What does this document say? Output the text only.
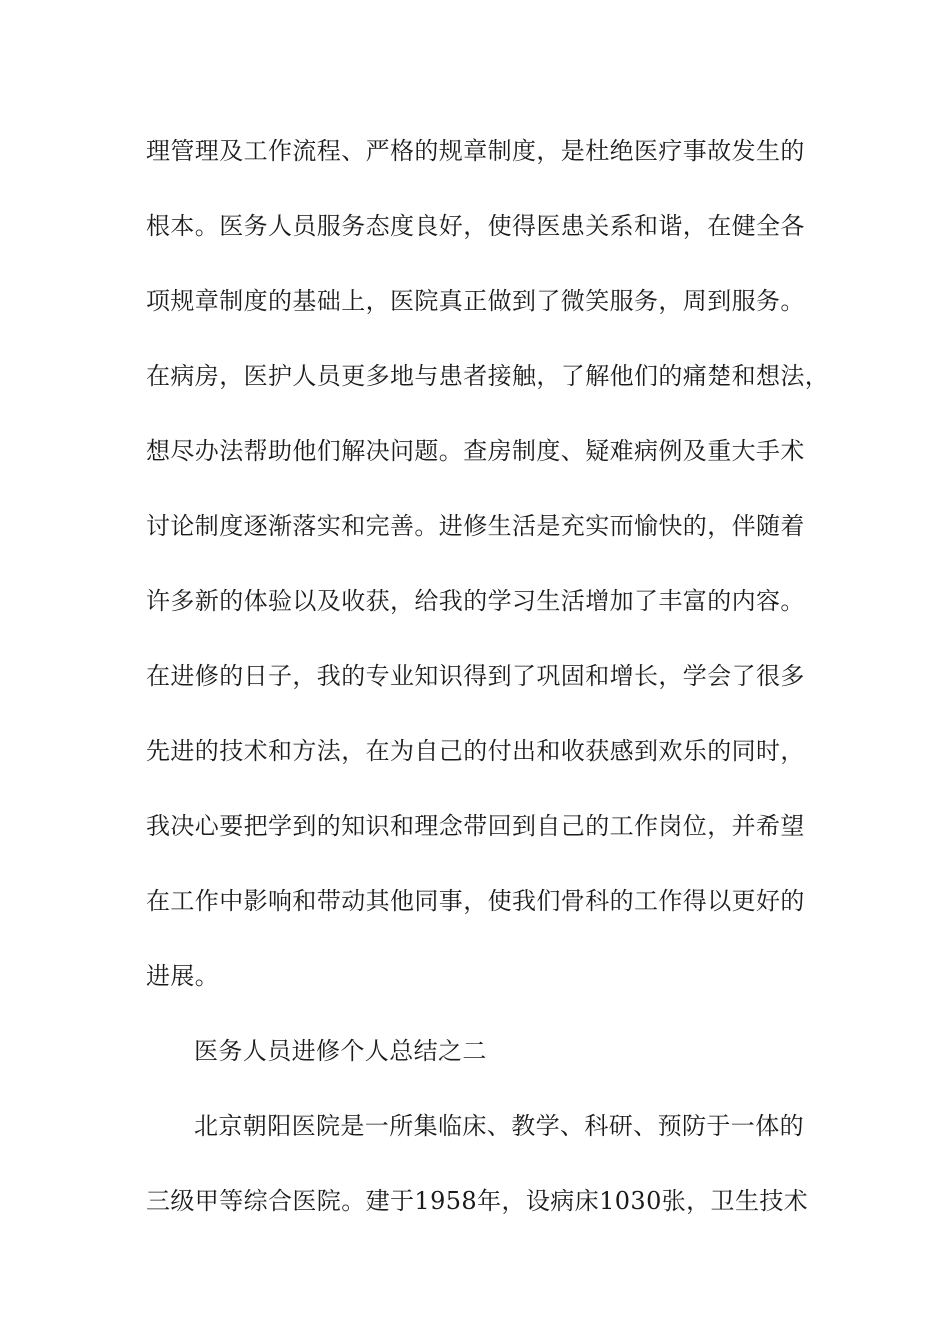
理管理及工作流程、严格的规章制度，是杜绝医疗事故发生的
根本。医务人员服务态度良好，使得医患关系和谐，在健全各
项规章制度的基础上，医院真正做到了微笑服务，周到服务。
在病房，医护人员更多地与患者接触，了解他们的痛楚和想法，
想尽办法帮助他们解决问题。查房制度、疑难病例及重大手术
讨论制度逐渐落实和完善。进修生活是充实而愉快的，伴随着
许多新的体验以及收获，给我的学习生活增加了丰富的内容。
在进修的日子，我的专业知识得到了巩固和增长，学会了很多
先进的技术和方法，在为自己的付出和收获感到欢乐的同时，
我决心要把学到的知识和理念带回到自己的工作岗位，并希望
在工作中影响和带动其他同事，使我们骨科的工作得以更好的
进展。
医务人员进修个人总结之二
北京朝阳医院是一所集临床、教学、科研、预防于一体的
三级甲等综合医院。建于1958年，设病床1030张，卫生技术
